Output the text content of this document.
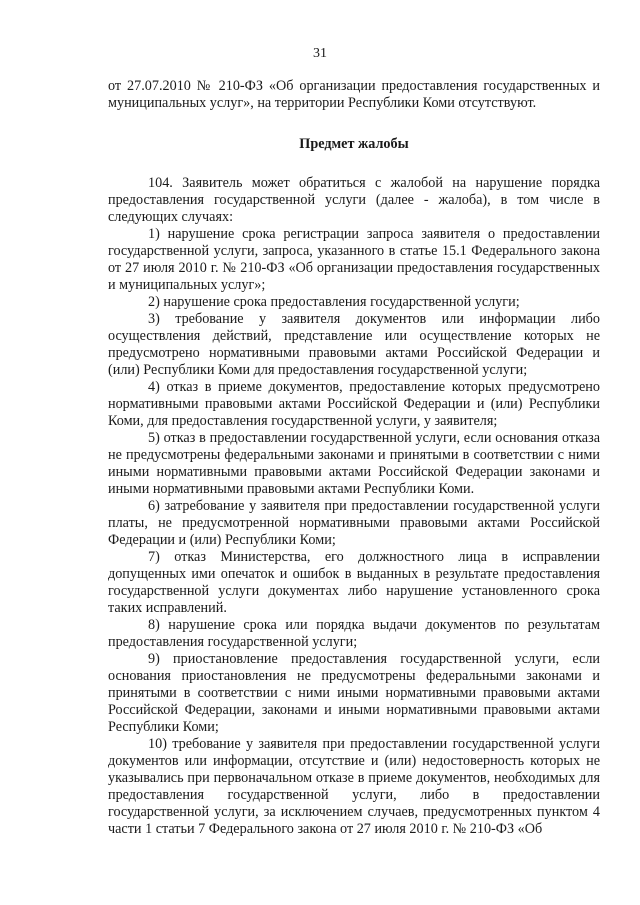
31

от 27.07.2010 № 210-ФЗ «Об организации предоставления государственных и муниципальных услуг», на территории Республики Коми отсутствуют.

Предмет жалобы

104. Заявитель может обратиться с жалобой на нарушение порядка предоставления государственной услуги (далее - жалоба), в том числе в следующих случаях:

1) нарушение срока регистрации запроса заявителя о предоставлении государственной услуги, запроса, указанного в статье 15.1 Федерального закона от 27 июля 2010 г. № 210-ФЗ «Об организации предоставления государственных и муниципальных услуг»;

2) нарушение срока предоставления государственной услуги;

3) требование у заявителя документов или информации либо осуществления действий, представление или осуществление которых не предусмотрено нормативными правовыми актами Российской Федерации и (или) Республики Коми для предоставления государственной услуги;

4) отказ в приеме документов, предоставление которых предусмотрено нормативными правовыми актами Российской Федерации и (или) Республики Коми, для предоставления государственной услуги, у заявителя;

5) отказ в предоставлении государственной услуги, если основания отказа не предусмотрены федеральными законами и принятыми в соответствии с ними иными нормативными правовыми актами Российской Федерации законами и иными нормативными правовыми актами Республики Коми.

6) затребование у заявителя при предоставлении государственной услуги платы, не предусмотренной нормативными правовыми актами Российской Федерации и (или) Республики Коми;

7) отказ Министерства, его должностного лица в исправлении допущенных ими опечаток и ошибок в выданных в результате предоставления государственной услуги документах либо нарушение установленного срока таких исправлений.

8) нарушение срока или порядка выдачи документов по результатам предоставления государственной услуги;

9) приостановление предоставления государственной услуги, если основания приостановления не предусмотрены федеральными законами и принятыми в соответствии с ними иными нормативными правовыми актами Российской Федерации, законами и иными нормативными правовыми актами Республики Коми;

10) требование у заявителя при предоставлении государственной услуги документов или информации, отсутствие и (или) недостоверность которых не указывались при первоначальном отказе в приеме документов, необходимых для предоставления государственной услуги, либо в предоставлении государственной услуги, за исключением случаев, предусмотренных пунктом 4 части 1 статьи 7 Федерального закона от 27 июля 2010 г. № 210-ФЗ «Об
